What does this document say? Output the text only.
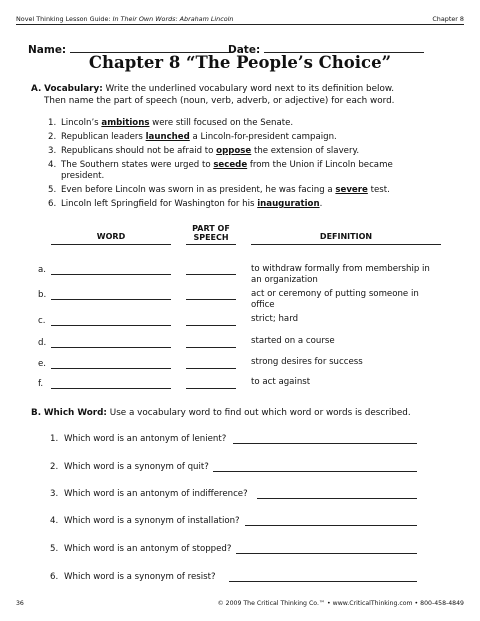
Novel Thinking Lesson Guide: In Their Own Words: Abraham Lincoln	Chapter 8
Name:	Date:
Chapter 8 “The People’s Choice”
A. Vocabulary: Write the underlined vocabulary word next to its definition below.
Then name the part of speech (noun, verb, adverb, or adjective) for each word.
1. Lincoln’s ambitions were still focused on the Senate.
2. Republican leaders launched a Lincoln-for-president campaign.
3. Republicans should not be afraid to oppose the extension of slavery.
4. The Southern states were urged to secede from the Union if Lincoln became
president.
5. Even before Lincoln was sworn in as president, he was facing a severe test.
6. Lincoln left Springfield for Washington for his inauguration.
WORD
PART OF
SPEECH	DEFINITION
a.	to withdraw formally from membership in an organization
b.	act or ceremony of putting someone in office
c.	strict; hard
d.	started on a course
e.	strong desires for success
f.	to act against
B. Which Word: Use a vocabulary word to find out which word or words is described.
1. Which word is an antonym of lenient?
2. Which word is a synonym of quit?
3. Which word is an antonym of indifference?
4. Which word is a synonym of installation?
5. Which word is an antonym of stopped?
6. Which word is a synonym of resist?
36	© 2009 The Critical Thinking Co.™ • www.CriticalThinking.com • 800-458-4849
